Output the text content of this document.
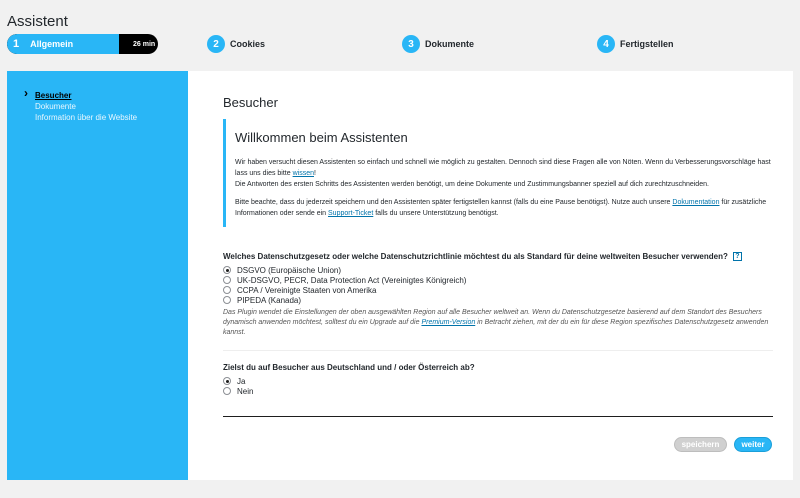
Assistent
1 Allgemein	26 min	2	Cookies	3	Dokumente	4	Fertigstellen
› Besucher
Dokumente
Information über die Website
Besucher
Willkommen beim Assistenten

Wir haben versucht diesen Assistenten so einfach und schnell wie möglich zu gestalten. Dennoch sind diese Fragen alle von Nöten. Wenn du Verbesserungsvorschläge hast lass uns dies bitte wissen!
Die Antworten des ersten Schritts des Assistenten werden benötigt, um deine Dokumente und Zustimmungsbanner speziell auf dich zurechtzuschneiden.

Bitte beachte, dass du jederzeit speichern und den Assistenten später fertigstellen kannst (falls du eine Pause benötigst). Nutze auch unsere Dokumentation für zusätzliche Informationen oder sende ein Support-Ticket falls du unsere Unterstützung benötigst.

Welches Datenschutzgesetz oder welche Datenschutzrichtlinie möchtest du als Standard für deine weltweiten Besucher verwenden?	?
DSGVO (Europäische Union)
UK-DSGVO, PECR, Data Protection Act (Vereinigtes Königreich)
CCPA / Vereinigte Staaten von Amerika
PIPEDA (Kanada)
Das Plugin wendet die Einstellungen der oben ausgewählten Region auf alle Besucher weltweit an. Wenn du Datenschutzgesetze basierend auf dem Standort des Besuchers dynamisch anwenden möchtest, solltest du ein Upgrade auf die Premium-Version in Betracht ziehen, mit der du ein für diese Region spezifisches Datenschutzgesetz anwenden kannst.
Zielst du auf Besucher aus Deutschland und / oder Österreich ab?
Ja
Nein
speichern	weiter
